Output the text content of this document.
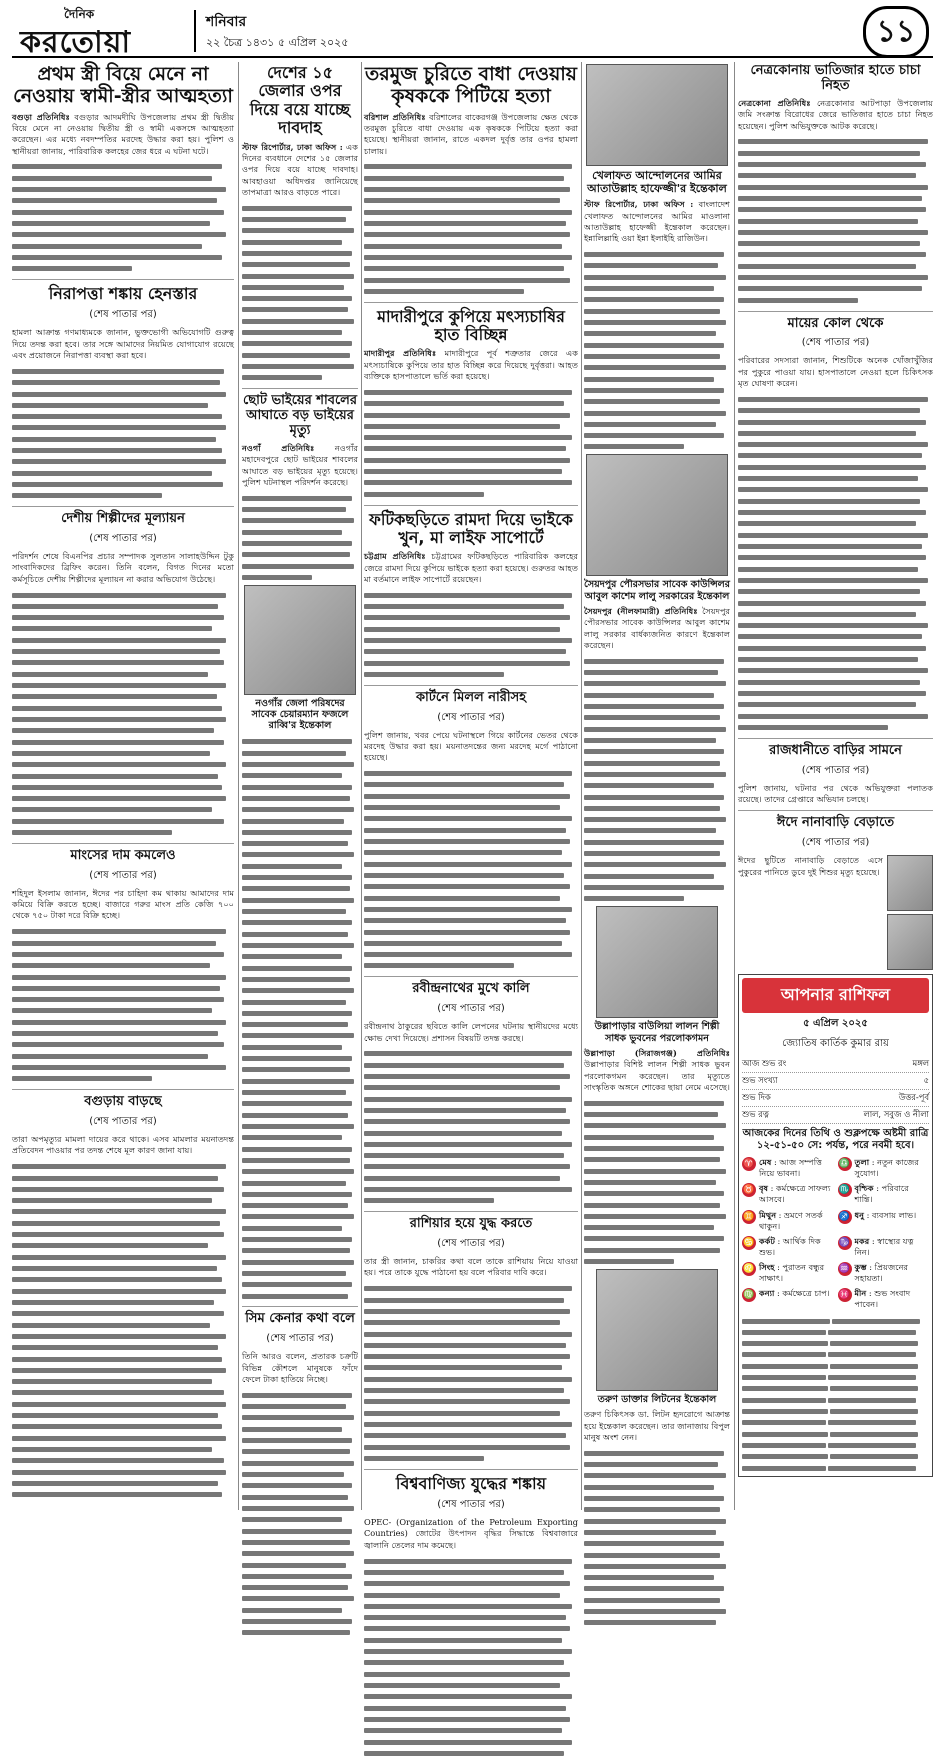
দৈনিক
করতোয়া
শনিবার
২২ চৈত্র ১৪৩১ ৫ এপ্রিল ২০২৫	১১
প্রথম স্ত্রী বিয়ে মেনে না নেওয়ায় স্বামী-স্ত্রীর আত্মহত্যা
বগুড়া প্রতিনিধিঃ বগুড়ার আদমদীঘি উপজেলায় প্রথম স্ত্রী দ্বিতীয় বিয়ে মেনে না নেওয়ায় দ্বিতীয় স্ত্রী ও স্বামী একসঙ্গে আত্মহত্যা করেছেন। এর মধ্যে নবদম্পতির মরদেহ উদ্ধার করা হয়। পুলিশ ও স্থানীয়রা জানায়, পারিবারিক কলহের জের ধরে এ ঘটনা ঘটে।
নিরাপত্তা শঙ্কায় হেনস্তার
(শেষ পাতার পর)
হামলা আক্রান্ত গণমাধ্যমকে জানান, ভুক্তভোগী অভিযোগটি গুরুত্ব দিয়ে তদন্ত করা হবে। তার সঙ্গে আমাদের নিয়মিত যোগাযোগ রয়েছে এবং প্রয়োজনে নিরাপত্তা ব্যবস্থা করা হবে।
দেশীয় শিল্পীদের মূল্যায়ন
(শেষ পাতার পর)
পরিদর্শন শেষে বিএনপির প্রচার সম্পাদক সুলতান সালাহউদ্দিন টুকু সাংবাদিকদের ব্রিফিং করেন। তিনি বলেন, বিগত দিনের মতো কর্মসূচিতে দেশীয় শিল্পীদের মূল্যায়ন না করার অভিযোগ উঠেছে।
মাংসের দাম কমলেও
(শেষ পাতার পর)
শহিদুল ইসলাম জানান, ঈদের পর চাহিদা কম থাকায় আমাদের দাম কমিয়ে বিক্রি করতে হচ্ছে। বাজারে গরুর মাংস প্রতি কেজি ৭০০ থেকে ৭৫০ টাকা দরে বিক্রি হচ্ছে।
বগুড়ায় বাড়ছে
(শেষ পাতার পর)
তারা অপমৃত্যুর মামলা দায়ের করে থাকে। এসব মামলার ময়নাতদন্ত প্রতিবেদন পাওয়ার পর তদন্ত শেষে মূল কারণ জানা যায়।
দেশের ১৫ জেলার ওপর দিয়ে বয়ে যাচ্ছে দাবদাহ
স্টাফ রিপোর্টার, ঢাকা অফিস : এক দিনের ব্যবধানে দেশের ১৫ জেলার ওপর দিয়ে বয়ে যাচ্ছে দাবদাহ। আবহাওয়া অধিদপ্তর জানিয়েছে তাপমাত্রা আরও বাড়তে পারে।
ছোট ভাইয়ের শাবলের আঘাতে বড় ভাইয়ের মৃত্যু
নওগাঁ প্রতিনিধিঃ নওগাঁর মহাদেবপুরে ছোট ভাইয়ের শাবলের আঘাতে বড় ভাইয়ের মৃত্যু হয়েছে। পুলিশ ঘটনাস্থল পরিদর্শন করেছে।
নওগাঁর জেলা পরিষদের সাবেক চেয়ারম্যান ফজলে রাব্বি'র ইন্তেকাল
সিম কেনার কথা বলে
(শেষ পাতার পর)
তিনি আরও বলেন, প্রতারক চক্রটি বিভিন্ন কৌশলে মানুষকে ফাঁদে ফেলে টাকা হাতিয়ে নিচ্ছে।
তরমুজ চুরিতে বাধা দেওয়ায় কৃষককে পিটিয়ে হত্যা
বরিশাল প্রতিনিধিঃ বরিশালের বাকেরগঞ্জ উপজেলায় ক্ষেত থেকে তরমুজ চুরিতে বাধা দেওয়ায় এক কৃষককে পিটিয়ে হত্যা করা হয়েছে। স্থানীয়রা জানান, রাতে একদল দুর্বৃত্ত তার ওপর হামলা চালায়।
মাদারীপুরে কুপিয়ে মৎস্যচাষির হাত বিচ্ছিন্ন
মাদারীপুর প্রতিনিধিঃ মাদারীপুরে পূর্ব শত্রুতার জেরে এক মৎস্যচাষিকে কুপিয়ে তার হাত বিচ্ছিন্ন করে দিয়েছে দুর্বৃত্তরা। আহত ব্যক্তিকে হাসপাতালে ভর্তি করা হয়েছে।
ফটিকছড়িতে রামদা দিয়ে ভাইকে খুন, মা লাইফ সাপোর্টে
চট্টগ্রাম প্রতিনিধিঃ চট্টগ্রামের ফটিকছড়িতে পারিবারিক কলহের জেরে রামদা দিয়ে কুপিয়ে ভাইকে হত্যা করা হয়েছে। গুরুতর আহত মা বর্তমানে লাইফ সাপোর্টে রয়েছেন।
কার্টনে মিলল নারীসহ
(শেষ পাতার পর)
পুলিশ জানায়, খবর পেয়ে ঘটনাস্থলে গিয়ে কার্টনের ভেতর থেকে মরদেহ উদ্ধার করা হয়। ময়নাতদন্তের জন্য মরদেহ মর্গে পাঠানো হয়েছে।
রবীন্দ্রনাথের মুখে কালি
(শেষ পাতার পর)
রবীন্দ্রনাথ ঠাকুরের ছবিতে কালি লেপনের ঘটনায় স্থানীয়দের মধ্যে ক্ষোভ দেখা দিয়েছে। প্রশাসন বিষয়টি তদন্ত করছে।
রাশিয়ার হয়ে যুদ্ধ করতে
(শেষ পাতার পর)
তার স্ত্রী জানান, চাকরির কথা বলে তাকে রাশিয়ায় নিয়ে যাওয়া হয়। পরে তাকে যুদ্ধে পাঠানো হয় বলে পরিবার দাবি করে।
বিশ্ববাণিজ্য যুদ্ধের শঙ্কায়
(শেষ পাতার পর)
OPEC- (Organization of the Petroleum Exporting Countries) জোটের উৎপাদন বৃদ্ধির সিদ্ধান্তে বিশ্ববাজারে জ্বালানি তেলের দাম কমেছে।
খেলাফত আন্দোলনের আমির আতাউল্লাহ হাফেজ্জী'র ইন্তেকাল
স্টাফ রিপোর্টার, ঢাকা অফিস : বাংলাদেশ খেলাফত আন্দোলনের আমির মাওলানা আতাউল্লাহ হাফেজ্জী ইন্তেকাল করেছেন। ইন্নালিল্লাহি ওয়া ইন্না ইলাইহি রাজিউন।
সৈয়দপুর পৌরসভার সাবেক কাউন্সিলর আবুল কাশেম লালু সরকারের ইন্তেকাল
সৈয়দপুর (নীলফামারী) প্রতিনিধিঃ সৈয়দপুর পৌরসভার সাবেক কাউন্সিলর আবুল কাশেম লালু সরকার বার্ধক্যজনিত কারণে ইন্তেকাল করেছেন।
উল্লাপাড়ার বাউলিয়া লালন শিল্পী সাধক ভুবনের পরলোকগমন
উল্লাপাড়া (সিরাজগঞ্জ) প্রতিনিধিঃ উল্লাপাড়ার বিশিষ্ট লালন শিল্পী সাধক ভুবন পরলোকগমন করেছেন। তার মৃত্যুতে সাংস্কৃতিক অঙ্গনে শোকের ছায়া নেমে এসেছে।
তরুণ ডাক্তার লিটনের ইন্তেকাল
তরুণ চিকিৎসক ডা. লিটন হৃদরোগে আক্রান্ত হয়ে ইন্তেকাল করেছেন। তার জানাজায় বিপুল মানুষ অংশ নেন।
নেত্রকোনায় ভাতিজার হাতে চাচা নিহত
নেত্রকোনা প্রতিনিধিঃ নেত্রকোনার আটপাড়া উপজেলায় জমি সংক্রান্ত বিরোধের জেরে ভাতিজার হাতে চাচা নিহত হয়েছেন। পুলিশ অভিযুক্তকে আটক করেছে।
মায়ের কোল থেকে
(শেষ পাতার পর)
পরিবারের সদস্যরা জানান, শিশুটিকে অনেক খোঁজাখুঁজির পর পুকুরে পাওয়া যায়। হাসপাতালে নেওয়া হলে চিকিৎসক মৃত ঘোষণা করেন।
রাজধানীতে বাড়ির সামনে
(শেষ পাতার পর)
পুলিশ জানায়, ঘটনার পর থেকে অভিযুক্তরা পলাতক রয়েছে। তাদের গ্রেপ্তারে অভিযান চলছে।
ঈদে নানাবাড়ি বেড়াতে
(শেষ পাতার পর)
ঈদের ছুটিতে নানাবাড়ি বেড়াতে এসে পুকুরের পানিতে ডুবে দুই শিশুর মৃত্যু হয়েছে।
আপনার রাশিফল
৫ এপ্রিল ২০২৫
জ্যোতিষ কার্তিক কুমার রায়
আজ শুভ রং	মঙ্গল
শুভ সংখ্যা	৫
শুভ দিক	উত্তর-পূর্ব
শুভ রত্ন	লাল, সবুজ ও নীলা
আজকের দিনের তিথি ও শুক্লপক্ষে অষ্টমী রাত্রি ১২-৫১-৫০ সে: পর্যন্ত, পরে নবমী হবে।
♈ মেষ : আজ সম্পত্তি নিয়ে ভাবনা।
♎ তুলা : নতুন কাজের সুযোগ।
♉ বৃষ : কর্মক্ষেত্রে সাফল্য আসবে।
♏ বৃশ্চিক : পরিবারে শান্তি।
♊ মিথুন : ভ্রমণে সতর্ক থাকুন।
♐ ধনু : ব্যবসায় লাভ।
♋ কর্কট : আর্থিক দিক শুভ।
♑ মকর : স্বাস্থ্যের যত্ন নিন।
♌ সিংহ : পুরাতন বন্ধুর সাক্ষাৎ।
♒ কুম্ভ : প্রিয়জনের সহায়তা।
♍ কন্যা : কর্মক্ষেত্রে চাপ। ♓ মীন : শুভ সংবাদ পাবেন।
